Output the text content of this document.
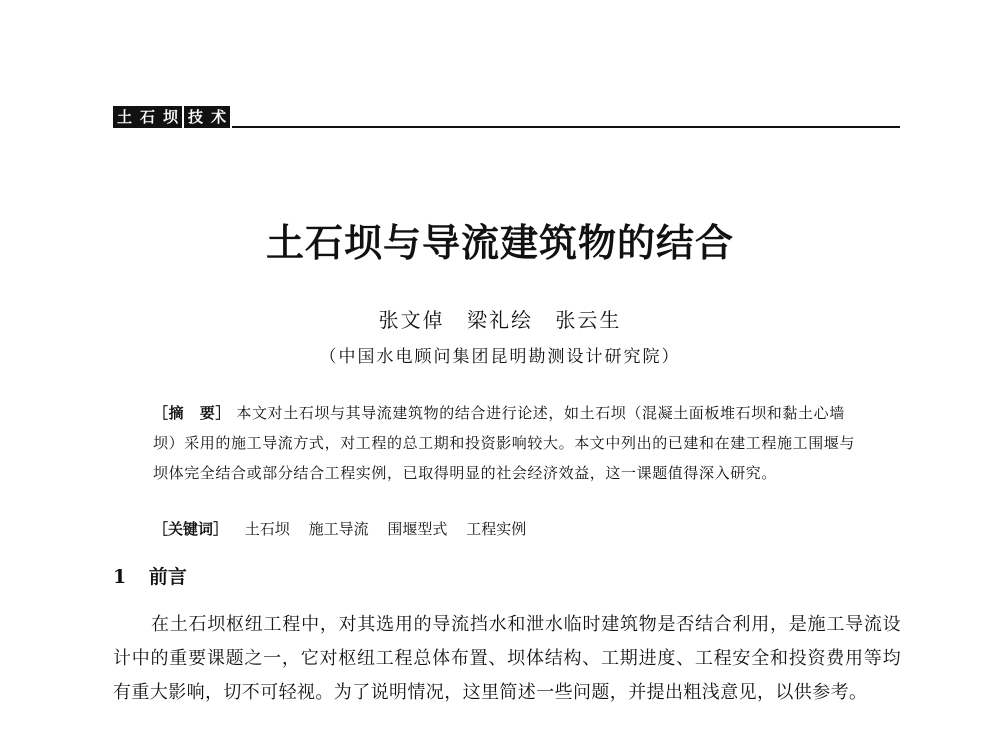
土 石 坝 技 术
土石坝与导流建筑物的结合
张文倬 梁礼绘 张云生
（中国水电顾问集团昆明勘测设计研究院）
［摘　要］ 本文对土石坝与其导流建筑物的结合进行论述，如土石坝（混凝土面板堆石坝和黏土心墙坝）采用的施工导流方式，对工程的总工期和投资影响较大。本文中列出的已建和在建工程施工围堰与坝体完全结合或部分结合工程实例，已取得明显的社会经济效益，这一课题值得深入研究。
［关键词］ 土石坝 施工导流 围堰型式 工程实例
1 前言
在土石坝枢纽工程中，对其选用的导流挡水和泄水临时建筑物是否结合利用，是施工导流设计中的重要课题之一，它对枢纽工程总体布置、坝体结构、工期进度、工程安全和投资费用等均有重大影响，切不可轻视。为了说明情况，这里简述一些问题，并提出粗浅意见，以供参考。
